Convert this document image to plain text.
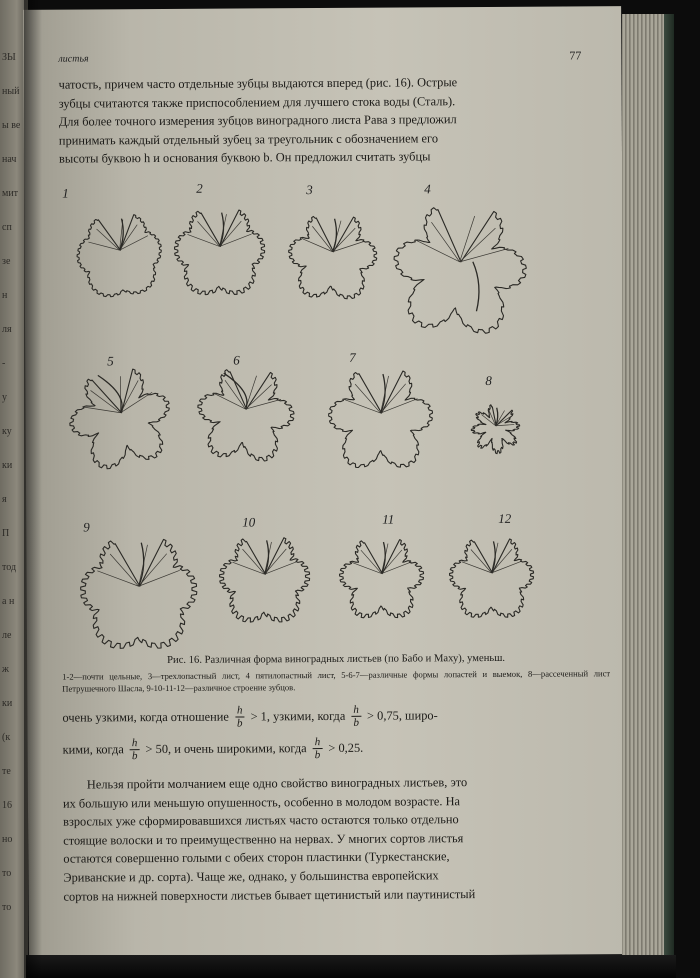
ЗЫ
ный
ы ве
нач
мит
сп
зе
н
ля
-
у
ку
ки
я
П
тод
а н
ле
ж
ки
(к
те
16
но
то
то
листья	77

чатость, причем часто отдельные зубцы выдаются вперед (рис. 16). Острые

зубцы считаются также приспособлением для лучшего стока воды (Сталь).

Для более точного измерения зубцов виноградного листа Рава з предложил

принимать каждый отдельный зубец за треугольник с обозначением его

высоты буквою h и основания буквою b. Он предложил считать зубцы

1	2	3	4
5	6	7
8
9	10	11	12

Рис. 16. Различная форма виноградных листьев (по Бабо и Маху), уменьш.

1-2—почти цельные, 3—трехлопастный лист, 4 пятилопастный лист, 5-6-7—различные формы лопастей и выемок, 8—рассеченный лист Петрушечного Шасла, 9-10-11-12—различное строение зубцов.

очень узкими, когда отношение $\frac{h}{b} > 1$, узкими, когда $\frac{h}{b} > 0,75$, широ-
кими, когда $\frac{h}{b} > 50$, и очень широкими, когда $\frac{h}{b} > 0,25$.

Нельзя пройти молчанием еще одно свойство виноградных листьев, это

их большую или меньшую опушенность, особенно в молодом возрасте. На

взрослых уже сформировавшихся листьях часто остаются только отдельно

стоящие волоски и то преимущественно на нервах. У многих сортов листья

остаются совершенно голыми с обеих сторон пластинки (Туркестанские,

Эриванские и др. сорта). Чаще же, однако, у большинства европейских

сортов на нижней поверхности листьев бывает щетинистый или паутинистый
